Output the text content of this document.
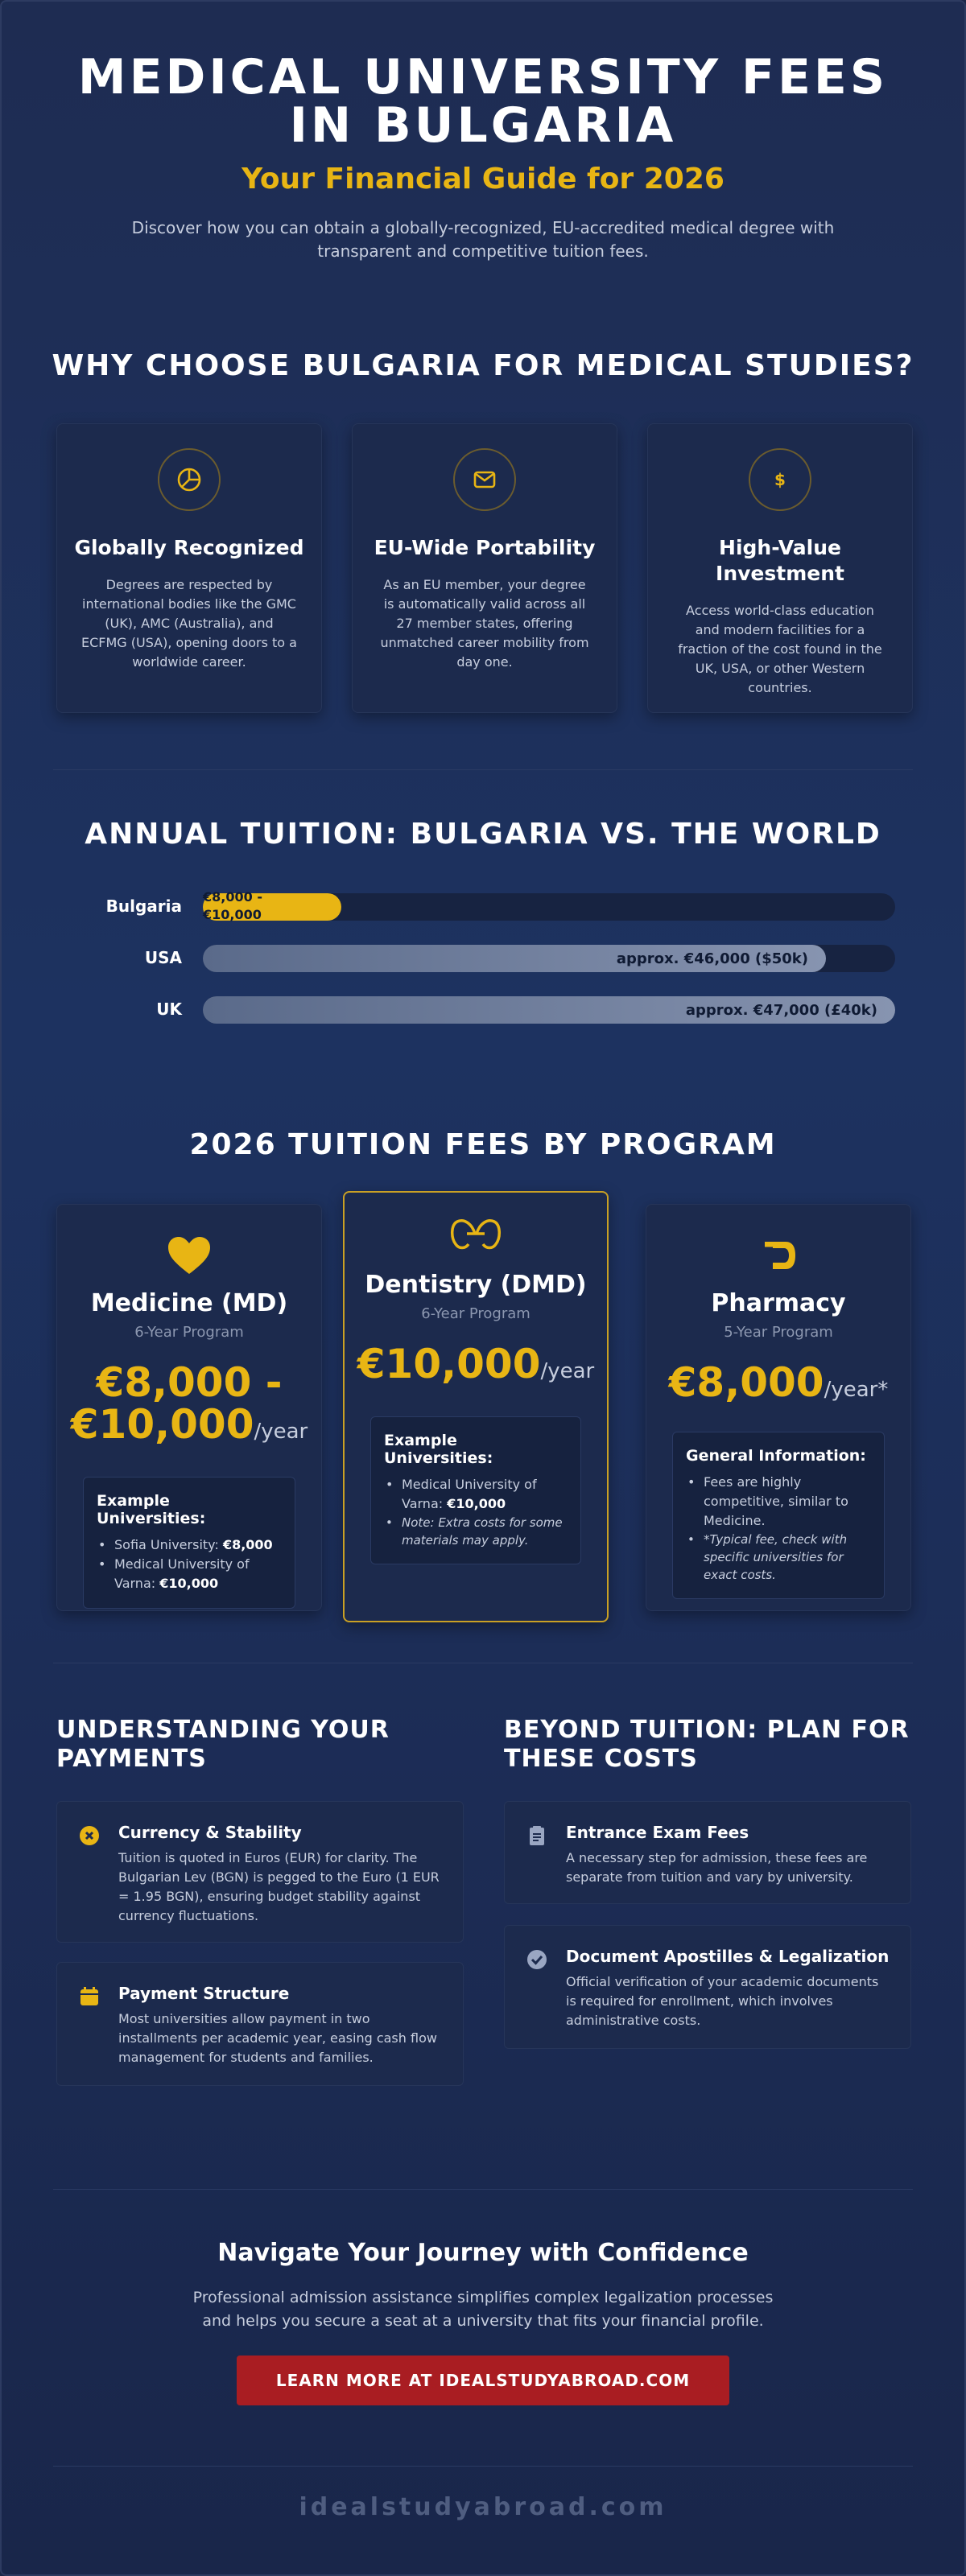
MEDICAL UNIVERSITY FEES
IN BULGARIA
Your Financial Guide for 2026

Discover how you can obtain a globally-recognized, EU-accredited medical degree with transparent and competitive tuition fees.

WHY CHOOSE BULGARIA FOR MEDICAL STUDIES?
Globally Recognized

Degrees are respected by international bodies like the GMC (UK), AMC (Australia), and ECFMG (USA), opening doors to a worldwide career.

EU-Wide Portability

As an EU member, your degree is automatically valid across all 27 member states, offering unmatched career mobility from day one.

$
High-Value Investment

Access world-class education and modern facilities for a fraction of the cost found in the UK, USA, or other Western countries.

ANNUAL TUITION: BULGARIA VS. THE WORLD
Bulgaria €8,000 - €10,000
USA	approx. €46,000 ($50k)
UK	approx. €47,000 (£40k)
2026 TUITION FEES BY PROGRAM
Medicine (MD)
6-Year Program
€8,000 - €10,000/year
Example Universities:
• Sofia University: €8,000
• Medical University of Varna: €10,000
Dentistry (DMD)
6-Year Program
€10,000/year
Example Universities:
• Medical University of Varna: €10,000
• Note: Extra costs for some materials may apply.
Pharmacy
5-Year Program
€8,000/year*
General Information:
• Fees are highly competitive, similar to Medicine.
• *Typical fee, check with specific universities for exact costs.
UNDERSTANDING YOUR PAYMENTS
Currency & Stability

Tuition is quoted in Euros (EUR) for clarity. The Bulgarian Lev (BGN) is pegged to the Euro (1 EUR = 1.95 BGN), ensuring budget stability against currency fluctuations.

Payment Structure

Most universities allow payment in two installments per academic year, easing cash flow management for students and families.

BEYOND TUITION: PLAN FOR THESE COSTS
Entrance Exam Fees

A necessary step for admission, these fees are separate from tuition and vary by university.

Document Apostilles & Legalization

Official verification of your academic documents is required for enrollment, which involves administrative costs.

Navigate Your Journey with Confidence

Professional admission assistance simplifies complex legalization processes and helps you secure a seat at a university that fits your financial profile.

LEARN MORE AT IDEALSTUDYABROAD.COM
idealstudyabroad.com
